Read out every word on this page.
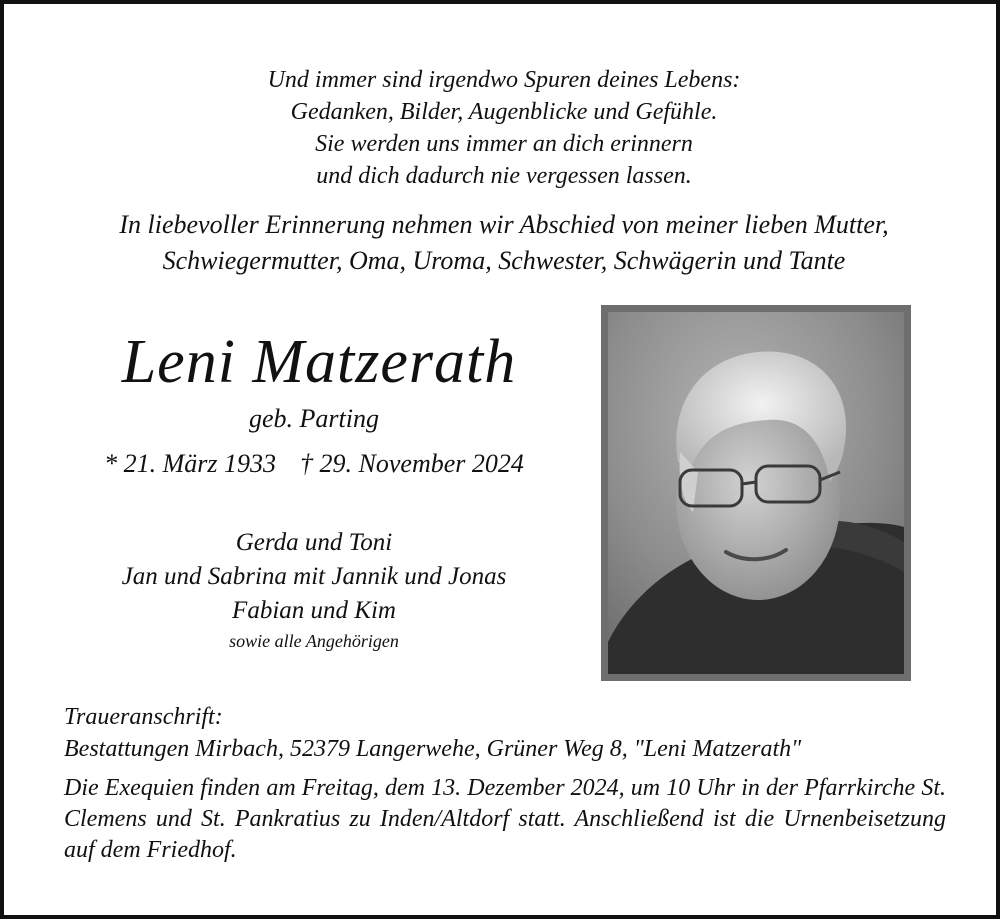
Und immer sind irgendwo Spuren deines Lebens:
Gedanken, Bilder, Augenblicke und Gefühle.
Sie werden uns immer an dich erinnern
und dich dadurch nie vergessen lassen.
In liebevoller Erinnerung nehmen wir Abschied von meiner lieben Mutter,
Schwiegermutter, Oma, Uroma, Schwester, Schwägerin und Tante
Leni Matzerath
geb. Parting
* 21. März 1933 † 29. November 2024
Gerda und Toni
Jan und Sabrina mit Jannik und Jonas
Fabian und Kim
sowie alle Angehörigen
Traueranschrift:
Bestattungen Mirbach, 52379 Langerwehe, Grüner Weg 8, "Leni Matzerath"
Die Exequien finden am Freitag, dem 13. Dezember 2024, um 10 Uhr in der Pfarrkirche St. Clemens und St. Pankratius zu Inden/Altdorf statt. Anschließend ist die Urnenbeisetzung auf dem Friedhof.
